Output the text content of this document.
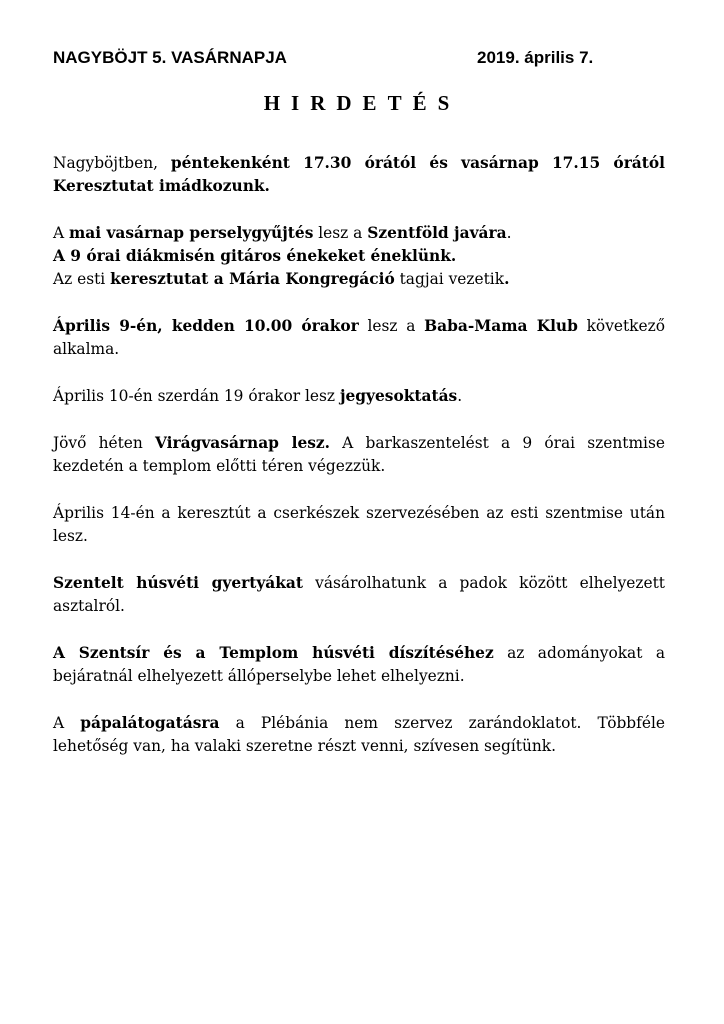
NAGYBÖJT 5. VASÁRNAPJA	2019. április 7.
HIRDETÉS

Nagyböjtben, péntekenként 17.30 órától és vasárnap 17.15 órától Keresztutat imádkozunk.

A mai vasárnap perselygyűjtés lesz a Szentföld javára.

A 9 órai diákmisén gitáros énekeket éneklünk.

Az esti keresztutat a Mária Kongregáció tagjai vezetik.

Április 9-én, kedden 10.00 órakor lesz a Baba-Mama Klub következő alkalma.

Április 10-én szerdán 19 órakor lesz jegyesoktatás.

Jövő héten Virágvasárnap lesz. A barkaszentelést a 9 órai szentmise kezdetén a templom előtti téren végezzük.

Április 14-én a keresztút a cserkészek szervezésében az esti szentmise után lesz.

Szentelt húsvéti gyertyákat vásárolhatunk a padok között elhelyezett asztalról.

A Szentsír és a Templom húsvéti díszítéséhez az adományokat a bejáratnál elhelyezett állóperselybe lehet elhelyezni.

A pápalátogatásra a Plébánia nem szervez zarándoklatot. Többféle lehetőség van, ha valaki szeretne részt venni, szívesen segítünk.
